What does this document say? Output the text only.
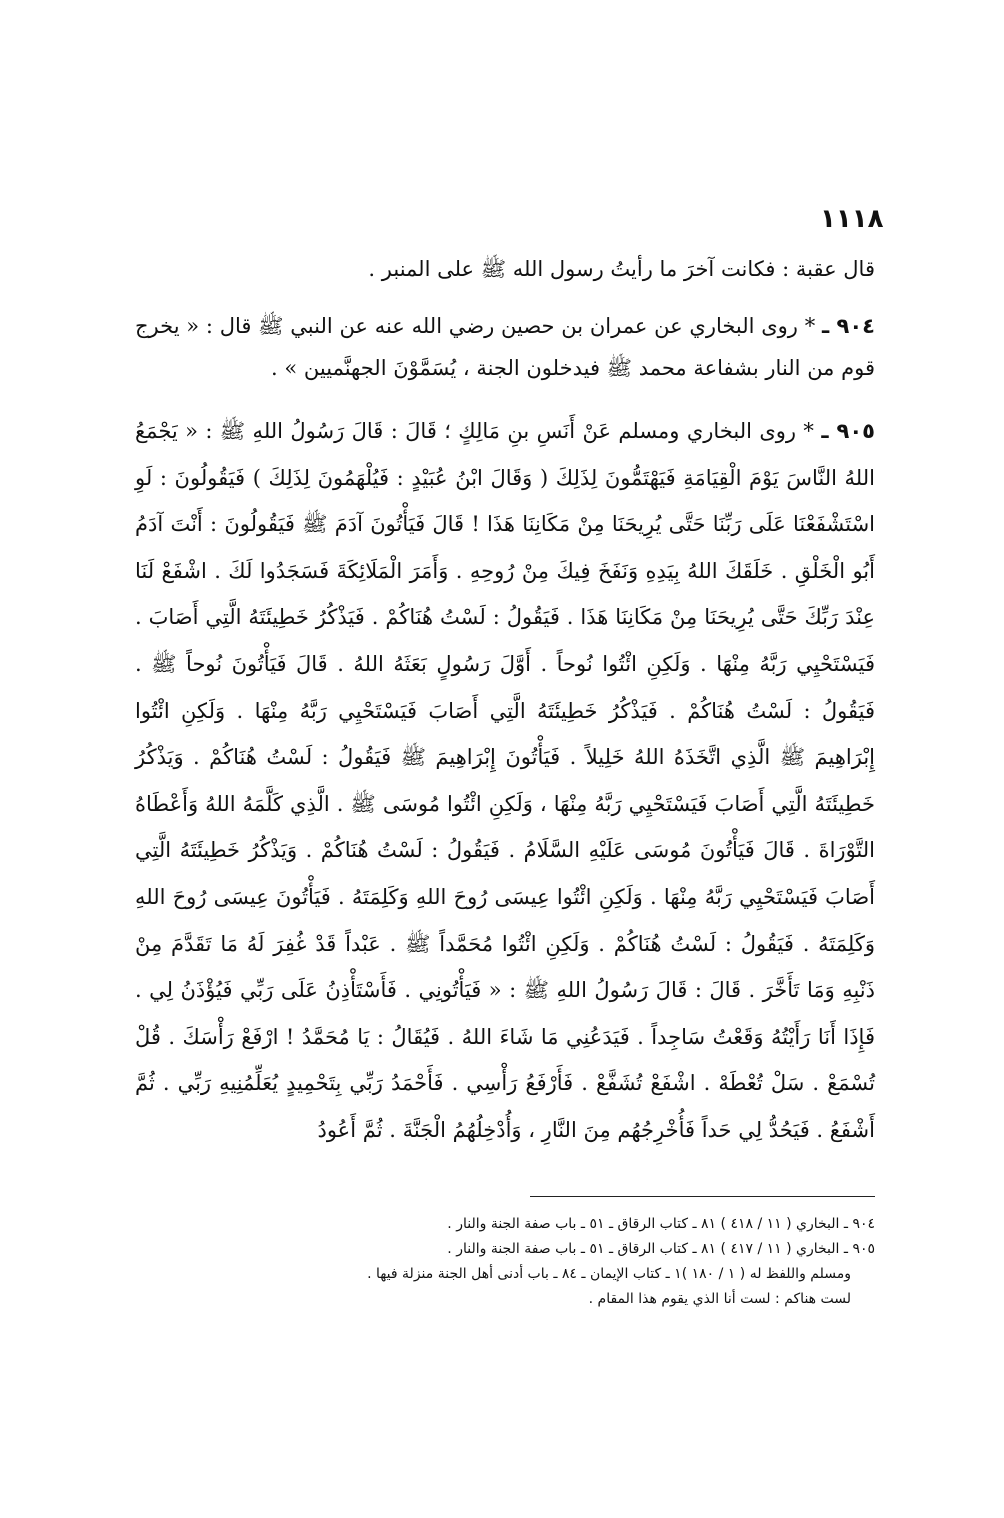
١١١٨
قال عقبة : فكانت آخرَ ما رأيتُ رسول الله ﷺ على المنبر .
٩٠٤ ـ * روى البخاري عن عمران بن حصين رضي الله عنه عن النبي ﷺ قال : « يخرج قوم من النار بشفاعة محمد ﷺ فيدخلون الجنة ، يُسَمَّوْنَ الجهنَّميين » .
٩٠٥ ـ * روى البخاري ومسلم عَنْ أَنَسِ بنِ مَالِكٍ ؛ قَالَ : قَالَ رَسُولُ اللهِ ﷺ : « يَجْمَعُ اللهُ النَّاسَ يَوْمَ الْقِيَامَةِ فَيَهْتَمُّونَ لِذَلِكَ ( وَقَالَ ابْنُ عُبَيْدٍ : فَيُلْهَمُونَ لِذَلِكَ ) فَيَقُولُونَ : لَوِ اسْتَشْفَعْنَا عَلَى رَبِّنَا حَتَّى يُرِيحَنَا مِنْ مَكَانِنَا هَذَا ! قَالَ فَيَأْتُونَ آدَمَ ﷺ فَيَقُولُونَ : أَنْتَ آدَمُ أَبُو الْخَلْقِ . خَلَقَكَ اللهُ بِيَدِهِ وَنَفَخَ فِيكَ مِنْ رُوحِهِ . وَأَمَرَ الْمَلَائِكَةَ فَسَجَدُوا لَكَ . اشْفَعْ لَنَا عِنْدَ رَبِّكَ حَتَّى يُرِيحَنَا مِنْ مَكَانِنَا هَذَا . فَيَقُولُ : لَسْتُ هُنَاكُمْ . فَيَذْكُرُ خَطِيئَتَهُ الَّتِي أَصَابَ . فَيَسْتَحْيِي رَبَّهُ مِنْهَا . وَلَكِنِ ائْتُوا نُوحاً . أَوَّلَ رَسُولٍ بَعَثَهُ اللهُ . قَالَ فَيَأْتُونَ نُوحاً ﷺ . فَيَقُولُ : لَسْتُ هُنَاكُمْ . فَيَذْكُرُ خَطِيئَتَهُ الَّتِي أَصَابَ فَيَسْتَحْيِي رَبَّهُ مِنْهَا . وَلَكِنِ ائْتُوا إِبْرَاهِيمَ ﷺ الَّذِي اتَّخَذَهُ اللهُ خَلِيلاً . فَيَأْتُونَ إِبْرَاهِيمَ ﷺ فَيَقُولُ : لَسْتُ هُنَاكُمْ . وَيَذْكُرُ خَطِيئَتَهُ الَّتِي أَصَابَ فَيَسْتَحْيِي رَبَّهُ مِنْهَا ، وَلَكِنِ ائْتُوا مُوسَى ﷺ . الَّذِي كَلَّمَهُ اللهُ وَأَعْطَاهُ التَّوْرَاةَ . قَالَ فَيَأْتُونَ مُوسَى عَلَيْهِ السَّلَامُ . فَيَقُولُ : لَسْتُ هُنَاكُمْ . وَيَذْكُرُ خَطِيئَتَهُ الَّتِي أَصَابَ فَيَسْتَحْيِي رَبَّهُ مِنْهَا . وَلَكِنِ ائْتُوا عِيسَى رُوحَ اللهِ وَكَلِمَتَهُ . فَيَأْتُونَ عِيسَى رُوحَ اللهِ وَكَلِمَتَهُ . فَيَقُولُ : لَسْتُ هُنَاكُمْ . وَلَكِنِ ائْتُوا مُحَمَّداً ﷺ . عَبْداً قَدْ غُفِرَ لَهُ مَا تَقَدَّمَ مِنْ ذَنْبِهِ وَمَا تَأَخَّرَ . قَالَ : قَالَ رَسُولُ اللهِ ﷺ : « فَيَأْتُونِي . فَأَسْتَأْذِنُ عَلَى رَبِّي فَيُؤْذَنُ لِي . فَإِذَا أَنَا رَأَيْتُهُ وَقَعْتُ سَاجِداً . فَيَدَعُنِي مَا شَاءَ اللهُ . فَيُقَالُ : يَا مُحَمَّدُ ! ارْفَعْ رَأْسَكَ . قُلْ تُسْمَعْ . سَلْ تُعْطَهْ . اشْفَعْ تُشَفَّعْ . فَأَرْفَعُ رَأْسِي . فَأَحْمَدُ رَبِّي بِتَحْمِيدٍ يُعَلِّمُنِيهِ رَبِّي . ثُمَّ أَشْفَعُ . فَيَحُدُّ لِي حَداً فَأُخْرِجُهُم مِنَ النَّارِ ، وَأُدْخِلُهُمُ الْجَنَّةَ . ثُمَّ أَعُودُ

٩٠٤ ـ البخاري ( ١١ / ٤١٨ ) ٨١ ـ كتاب الرقاق ـ ٥١ ـ باب صفة الجنة والنار .

٩٠٥ ـ البخاري ( ١١ / ٤١٧ ) ٨١ ـ كتاب الرقاق ـ ٥١ ـ باب صفة الجنة والنار .

ومسلم واللفظ له ( ١ / ١٨٠ )١ ـ كتاب الإيمان ـ ٨٤ ـ باب أدنى أهل الجنة منزلة فيها .

لست هناكم : لست أنا الذي يقوم هذا المقام .
